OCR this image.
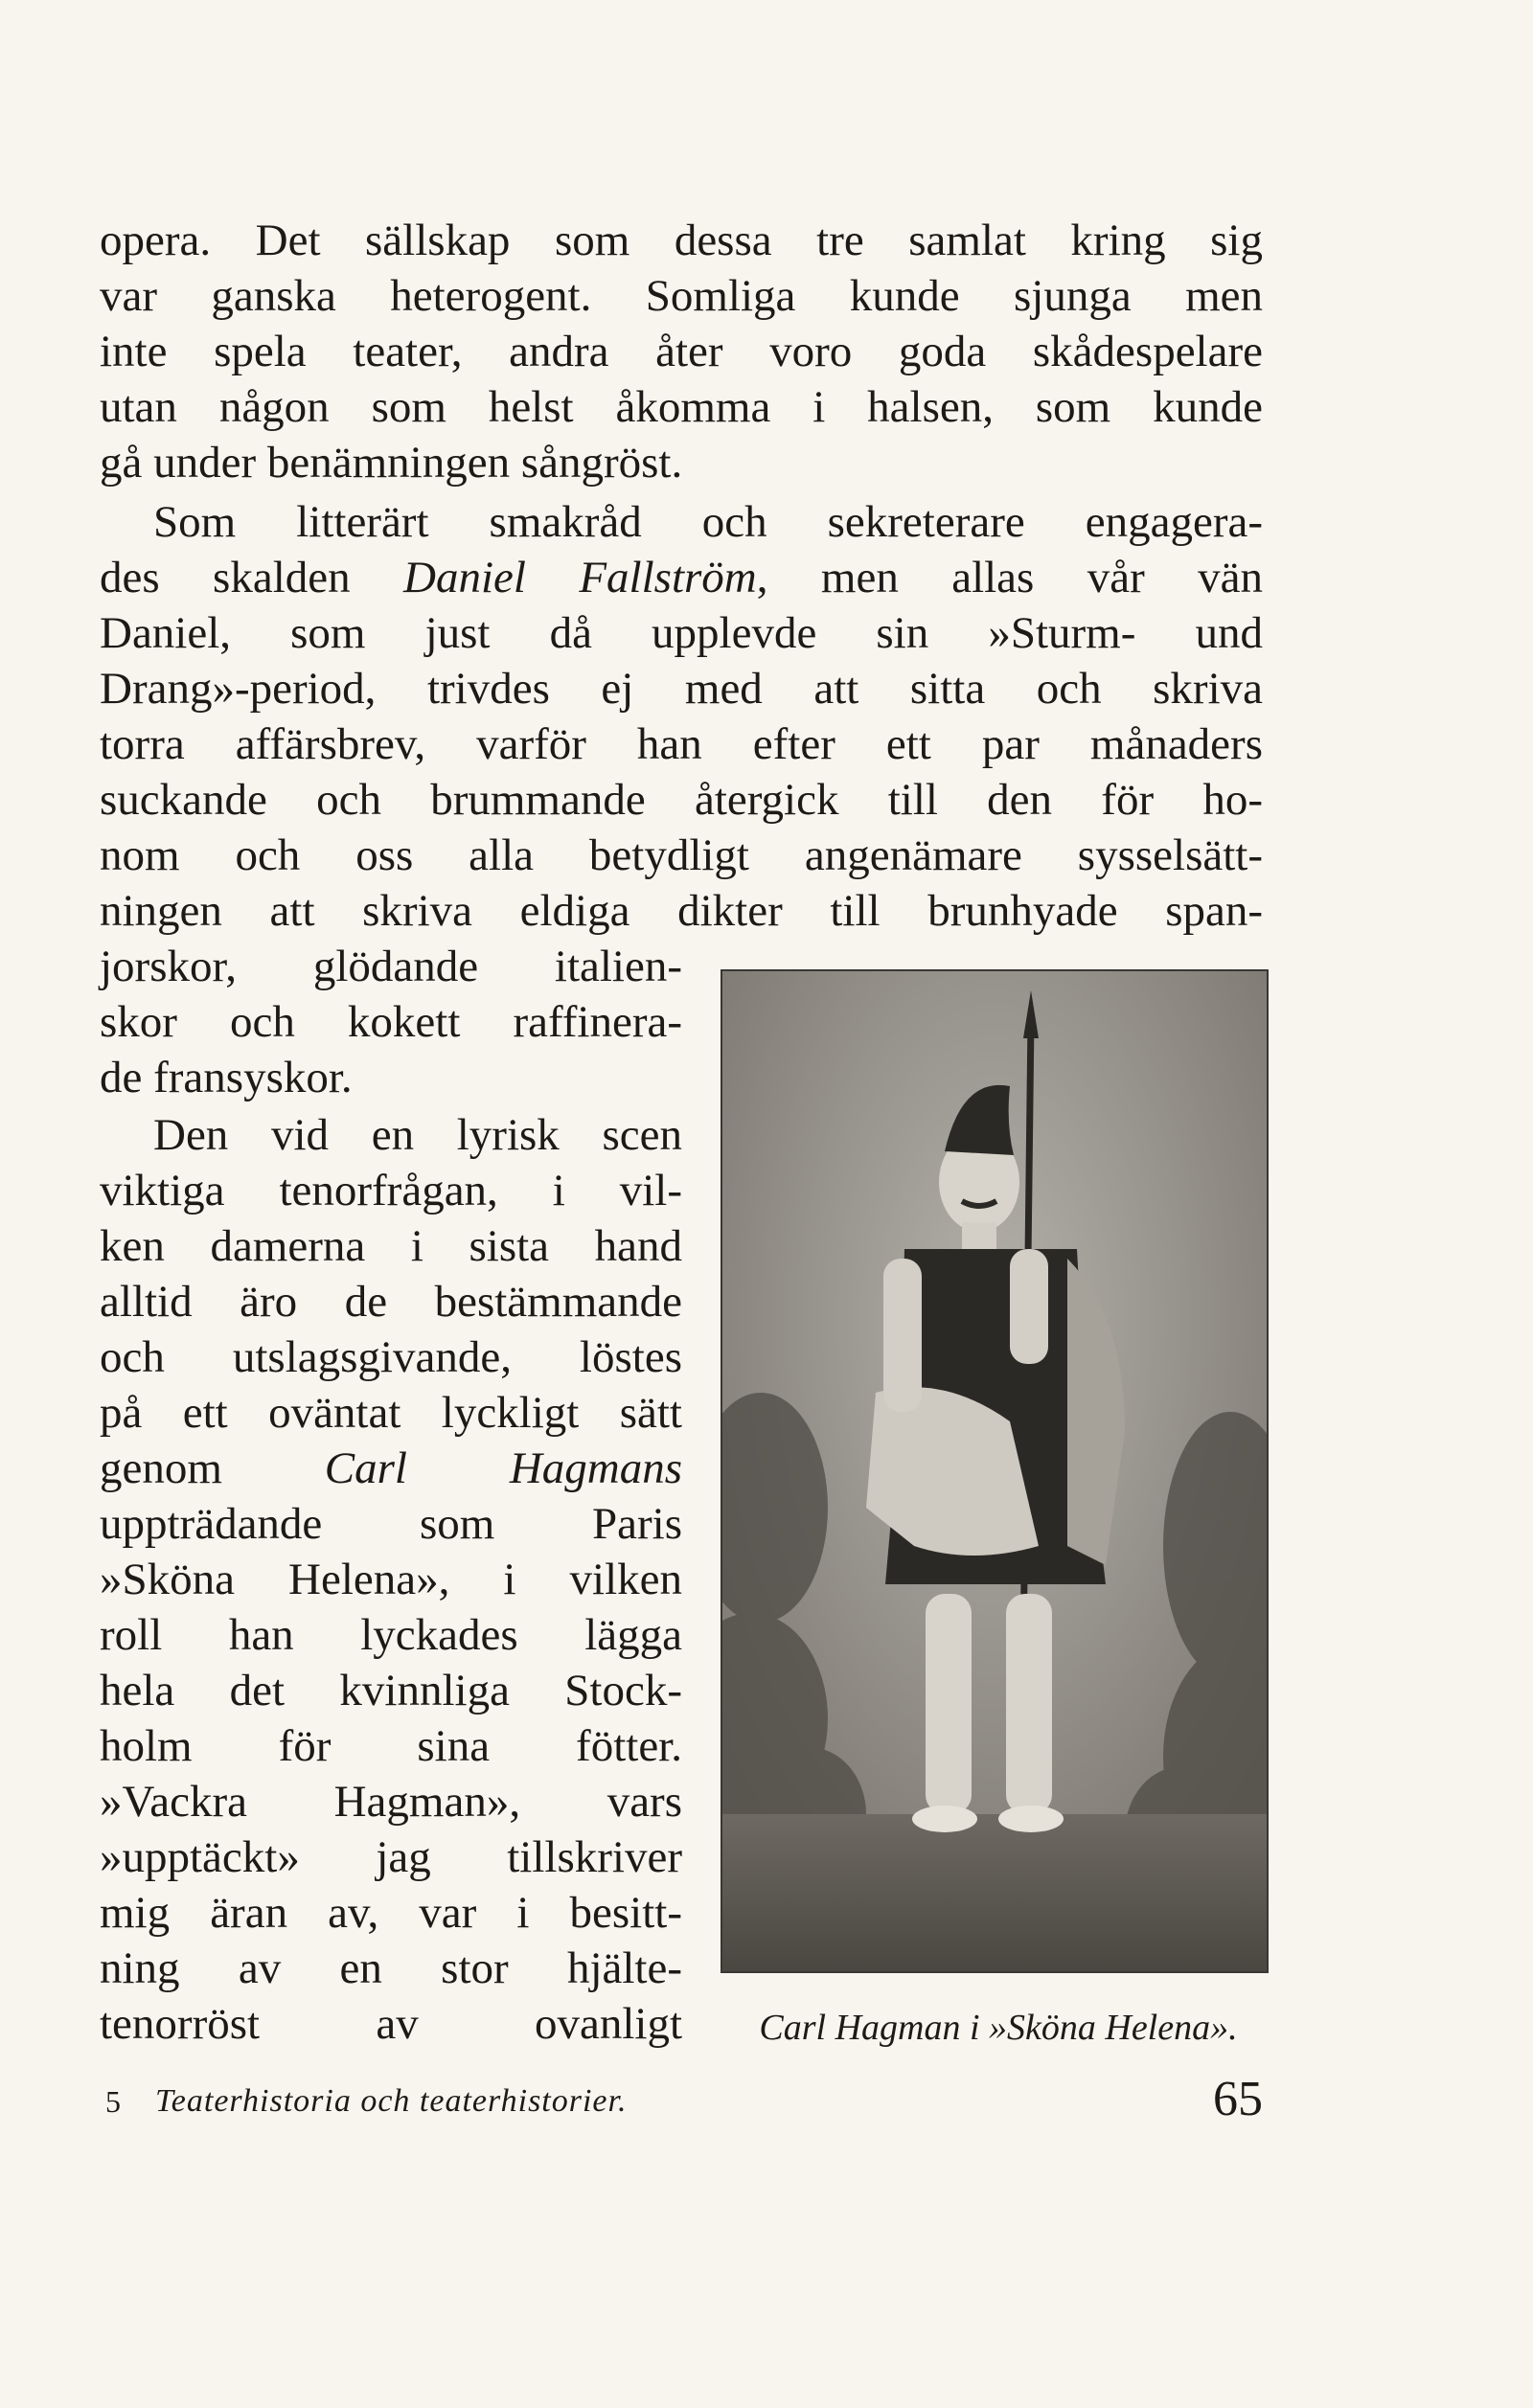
opera. Det sällskap som dessa tre samlat kring sig
var ganska heterogent. Somliga kunde sjunga men
inte spela teater, andra åter voro goda skådespelare
utan någon som helst åkomma i halsen, som kunde
gå under benämningen sångröst.
Som litterärt smakråd och sekreterare engagera-
des skalden Daniel Fallström, men allas vår vän
Daniel, som just då upplevde sin »Sturm- und
Drang»-period, trivdes ej med att sitta och skriva
torra affärsbrev, varför han efter ett par månaders
suckande och brummande återgick till den för ho-
nom och oss alla betydligt angenämare sysselsätt-
ningen att skriva eldiga dikter till brunhyade span-
jorskor, glödande italien-
skor och kokett raffinera-
de fransyskor.
Den vid en lyrisk scen
viktiga tenorfrågan, i vil-
ken damerna i sista hand
alltid äro de bestämmande
och utslagsgivande, löstes
på ett oväntat lyckligt sätt
genom Carl Hagmans
uppträdande som Paris
»Sköna Helena», i vilken
roll han lyckades lägga
hela det kvinnliga Stock-
holm för sina fötter.
»Vackra Hagman», vars
»upptäckt» jag tillskriver
mig äran av, var i besitt-
ning av en stor hjälte-
tenorröst av ovanligt	Carl Hagman i »Sköna Helena».
5 Teaterhistoria och teaterhistorier.	65
